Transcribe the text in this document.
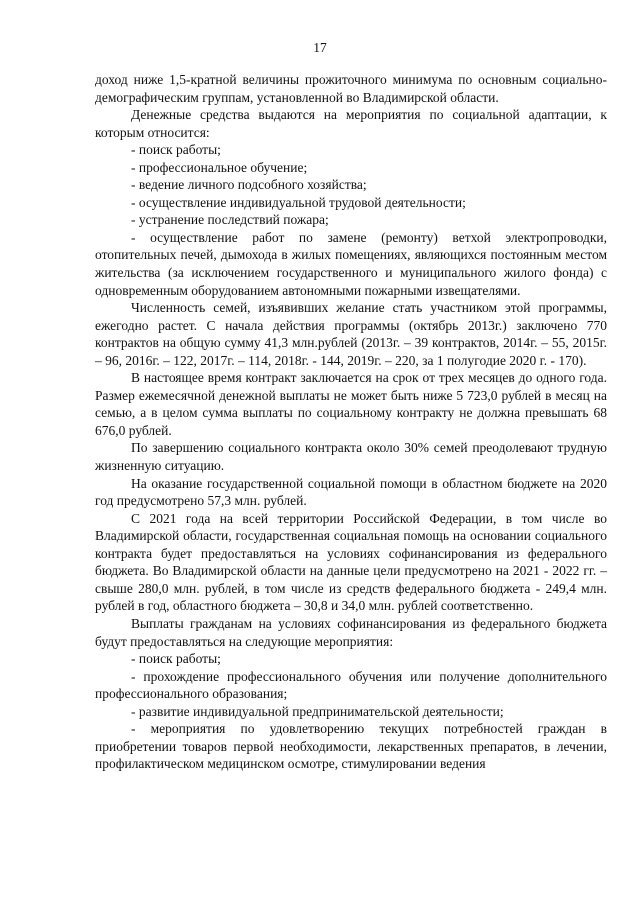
17

доход ниже 1,5-кратной величины прожиточного минимума по основным социально-демографическим группам, установленной во Владимирской области.

Денежные средства выдаются на мероприятия по социальной адаптации, к которым относится:

- поиск работы;

- профессиональное обучение;

- ведение личного подсобного хозяйства;

- осуществление индивидуальной трудовой деятельности;

- устранение последствий пожара;

- осуществление работ по замене (ремонту) ветхой электропроводки, отопительных печей, дымохода в жилых помещениях, являющихся постоянным местом жительства (за исключением государственного и муниципального жилого фонда) с одновременным оборудованием автономными пожарными извещателями.

Численность семей, изъявивших желание стать участником этой программы, ежегодно растет. С начала действия программы (октябрь 2013г.) заключено 770 контрактов на общую сумму 41,3 млн.рублей (2013г. – 39 контрактов, 2014г. – 55, 2015г. – 96, 2016г. – 122, 2017г. – 114, 2018г. - 144, 2019г. – 220, за 1 полугодие 2020 г. - 170).

В настоящее время контракт заключается на срок от трех месяцев до одного года. Размер ежемесячной денежной выплаты не может быть ниже 5 723,0 рублей в месяц на семью, а в целом сумма выплаты по социальному контракту не должна превышать 68 676,0 рублей.

По завершению социального контракта около 30% семей преодолевают трудную жизненную ситуацию.

На оказание государственной социальной помощи в областном бюджете на 2020 год предусмотрено 57,3 млн. рублей.

С 2021 года на всей территории Российской Федерации, в том числе во Владимирской области, государственная социальная помощь на основании социального контракта будет предоставляться на условиях софинансирования из федерального бюджета. Во Владимирской области на данные цели предусмотрено на 2021 - 2022 гг. – свыше 280,0 млн. рублей, в том числе из средств федерального бюджета - 249,4 млн. рублей в год, областного бюджета – 30,8 и 34,0 млн. рублей соответственно.

Выплаты гражданам на условиях софинансирования из федерального бюджета будут предоставляться на следующие мероприятия:

- поиск работы;

- прохождение профессионального обучения или получение дополнительного профессионального образования;

- развитие индивидуальной предпринимательской деятельности;

- мероприятия по удовлетворению текущих потребностей граждан в приобретении товаров первой необходимости, лекарственных препаратов, в лечении, профилактическом медицинском осмотре, стимулировании ведения
